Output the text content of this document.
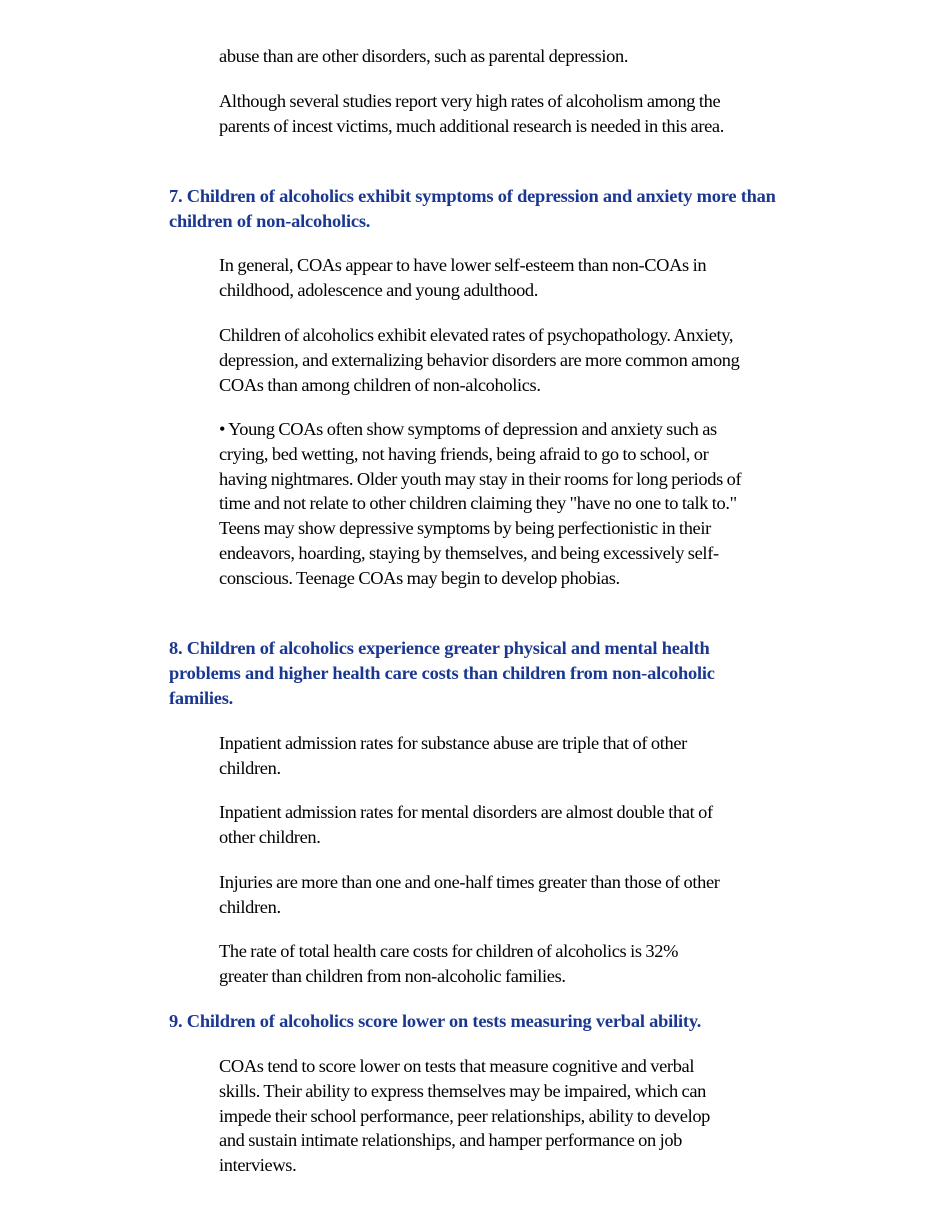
abuse than are other disorders, such as parental depression.

Although several studies report very high rates of alcoholism among the parents of incest victims, much additional research is needed in this area.

7. Children of alcoholics exhibit symptoms of depression and anxiety more than children of non-alcoholics.

In general, COAs appear to have lower self-esteem than non-COAs in childhood, adolescence and young adulthood.

Children of alcoholics exhibit elevated rates of psychopathology. Anxiety, depression, and externalizing behavior disorders are more common among COAs than among children of non-alcoholics.

• Young COAs often show symptoms of depression and anxiety such as crying, bed wetting, not having friends, being afraid to go to school, or having nightmares. Older youth may stay in their rooms for long periods of time and not relate to other children claiming they "have no one to talk to." Teens may show depressive symptoms by being perfectionistic in their endeavors, hoarding, staying by themselves, and being excessively self-conscious. Teenage COAs may begin to develop phobias.

8. Children of alcoholics experience greater physical and mental health problems and higher health care costs than children from non-alcoholic families.

Inpatient admission rates for substance abuse are triple that of other children.

Inpatient admission rates for mental disorders are almost double that of other children.

Injuries are more than one and one-half times greater than those of other children.

The rate of total health care costs for children of alcoholics is 32% greater than children from non-alcoholic families.

9. Children of alcoholics score lower on tests measuring verbal ability.

COAs tend to score lower on tests that measure cognitive and verbal skills. Their ability to express themselves may be impaired, which can impede their school performance, peer relationships, ability to develop and sustain intimate relationships, and hamper performance on job interviews.
